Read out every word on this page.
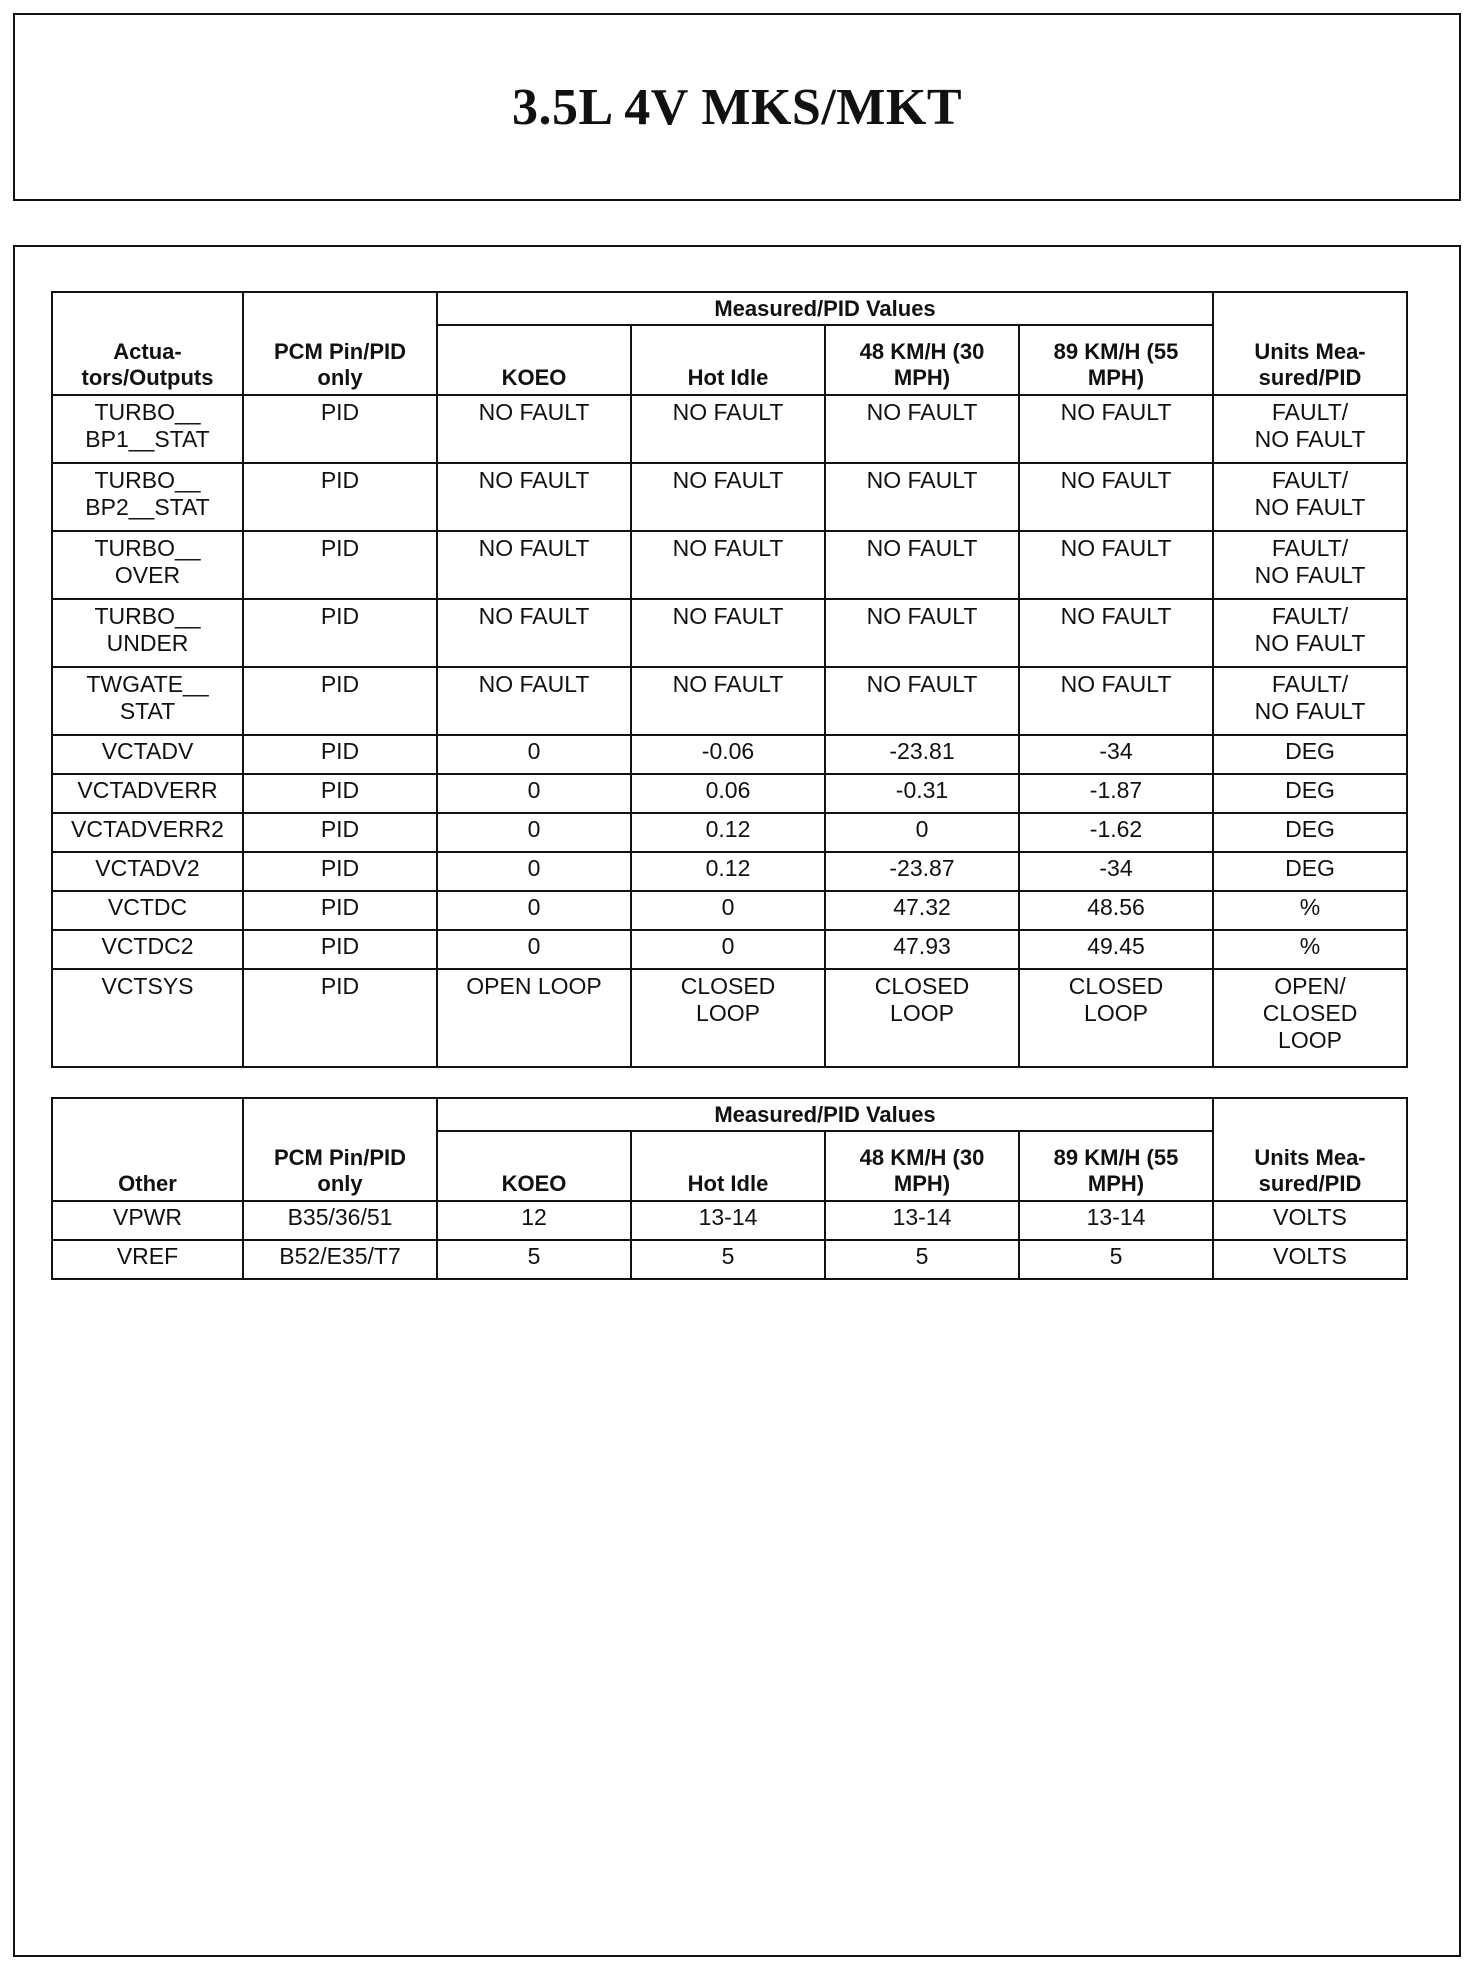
3.5L 4V MKS/MKT
Actua-
tors/Outputs	PCM Pin/PID
only	Measured/PID Values				Units Mea-
sured/PID
		KOEO	Hot Idle	48 KM/H (30
MPH)	89 KM/H (55
MPH)	
TURBO__
BP1__STAT	PID	NO FAULT	NO FAULT	NO FAULT	NO FAULT	FAULT/
NO FAULT
TURBO__
BP2__STAT	PID	NO FAULT	NO FAULT	NO FAULT	NO FAULT	FAULT/
NO FAULT
TURBO__
OVER	PID	NO FAULT	NO FAULT	NO FAULT	NO FAULT	FAULT/
NO FAULT
TURBO__
UNDER	PID	NO FAULT	NO FAULT	NO FAULT	NO FAULT	FAULT/
NO FAULT
TWGATE__
STAT	PID	NO FAULT	NO FAULT	NO FAULT	NO FAULT	FAULT/
NO FAULT
VCTADV	PID	0	-0.06	-23.81	-34	DEG
VCTADVERR	PID	0	0.06	-0.31	-1.87	DEG
VCTADVERR2	PID	0	0.12	0	-1.62	DEG
VCTADV2	PID	0	0.12	-23.87	-34	DEG
VCTDC	PID	0	0	47.32	48.56	%
VCTDC2	PID	0	0	47.93	49.45	%
VCTSYS	PID	OPEN LOOP	CLOSED
LOOP	CLOSED
LOOP	CLOSED
LOOP	OPEN/
CLOSED
LOOP
Other	PCM Pin/PID
only	Measured/PID Values				Units Mea-
sured/PID
		KOEO	Hot Idle	48 KM/H (30
MPH)	89 KM/H (55
MPH)	
VPWR	B35/36/51	12	13-14	13-14	13-14	VOLTS
VREF	B52/E35/T7	5	5	5	5	VOLTS
